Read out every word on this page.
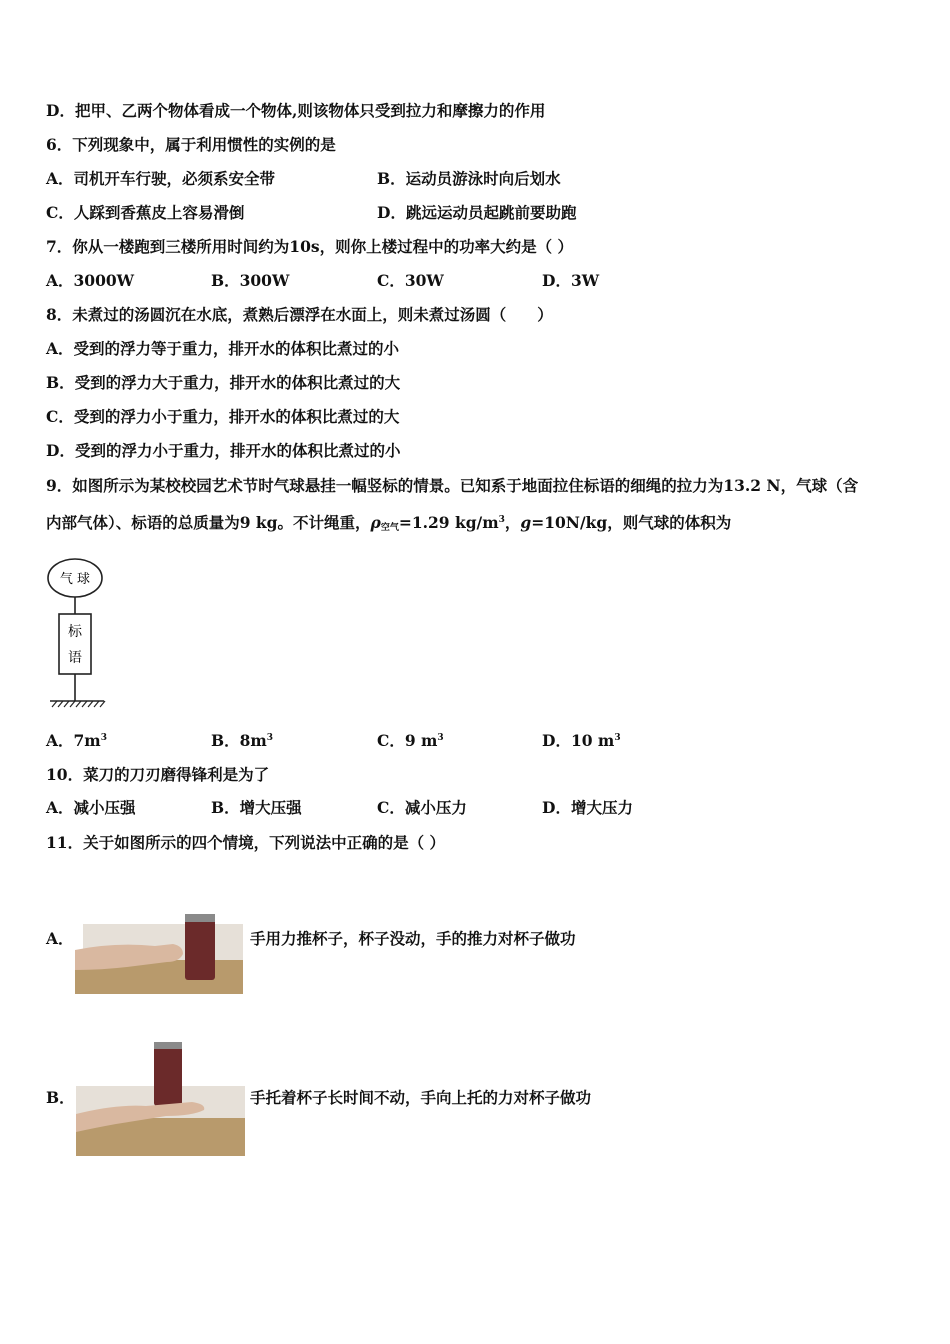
D．把甲、乙两个物体看成一个物体,则该物体只受到拉力和摩擦力的作用
6．下列现象中，属于利用惯性的实例的是
A．司机开车行驶，必须系安全带	B．运动员游泳时向后划水
C．人踩到香蕉皮上容易滑倒	D．跳远运动员起跳前要助跑
7．你从一楼跑到三楼所用时间约为10s，则你上楼过程中的功率大约是（ ）
A．3000W	B．300W	C．30W	D．3W
8．未煮过的汤圆沉在水底，煮熟后漂浮在水面上，则未煮过汤圆（　　）
A．受到的浮力等于重力，排开水的体积比煮过的小
B．受到的浮力大于重力，排开水的体积比煮过的大
C．受到的浮力小于重力，排开水的体积比煮过的大
D．受到的浮力小于重力，排开水的体积比煮过的小
9．如图所示为某校校园艺术节时气球悬挂一幅竖标的情景。已知系于地面拉住标语的细绳的拉力为13.2 N，气球（含
内部气体）、标语的总质量为9 kg。不计绳重，$\rho_{空气}=1.29$ $kg/m^3$，g=10N/kg，则气球的体积为
气 球
标
语
A．$7m^3$	B．$8m^3$	C．9 $m^3$	D．10 $m^3$
10．菜刀的刀刃磨得锋利是为了
A．减小压强	B．增大压强	C．减小压力	D．增大压力
11．关于如图所示的四个情境，下列说法中正确的是（ ）
A．	手用力推杯子，杯子没动，手的推力对杯子做功
B．	手托着杯子长时间不动，手向上托的力对杯子做功
